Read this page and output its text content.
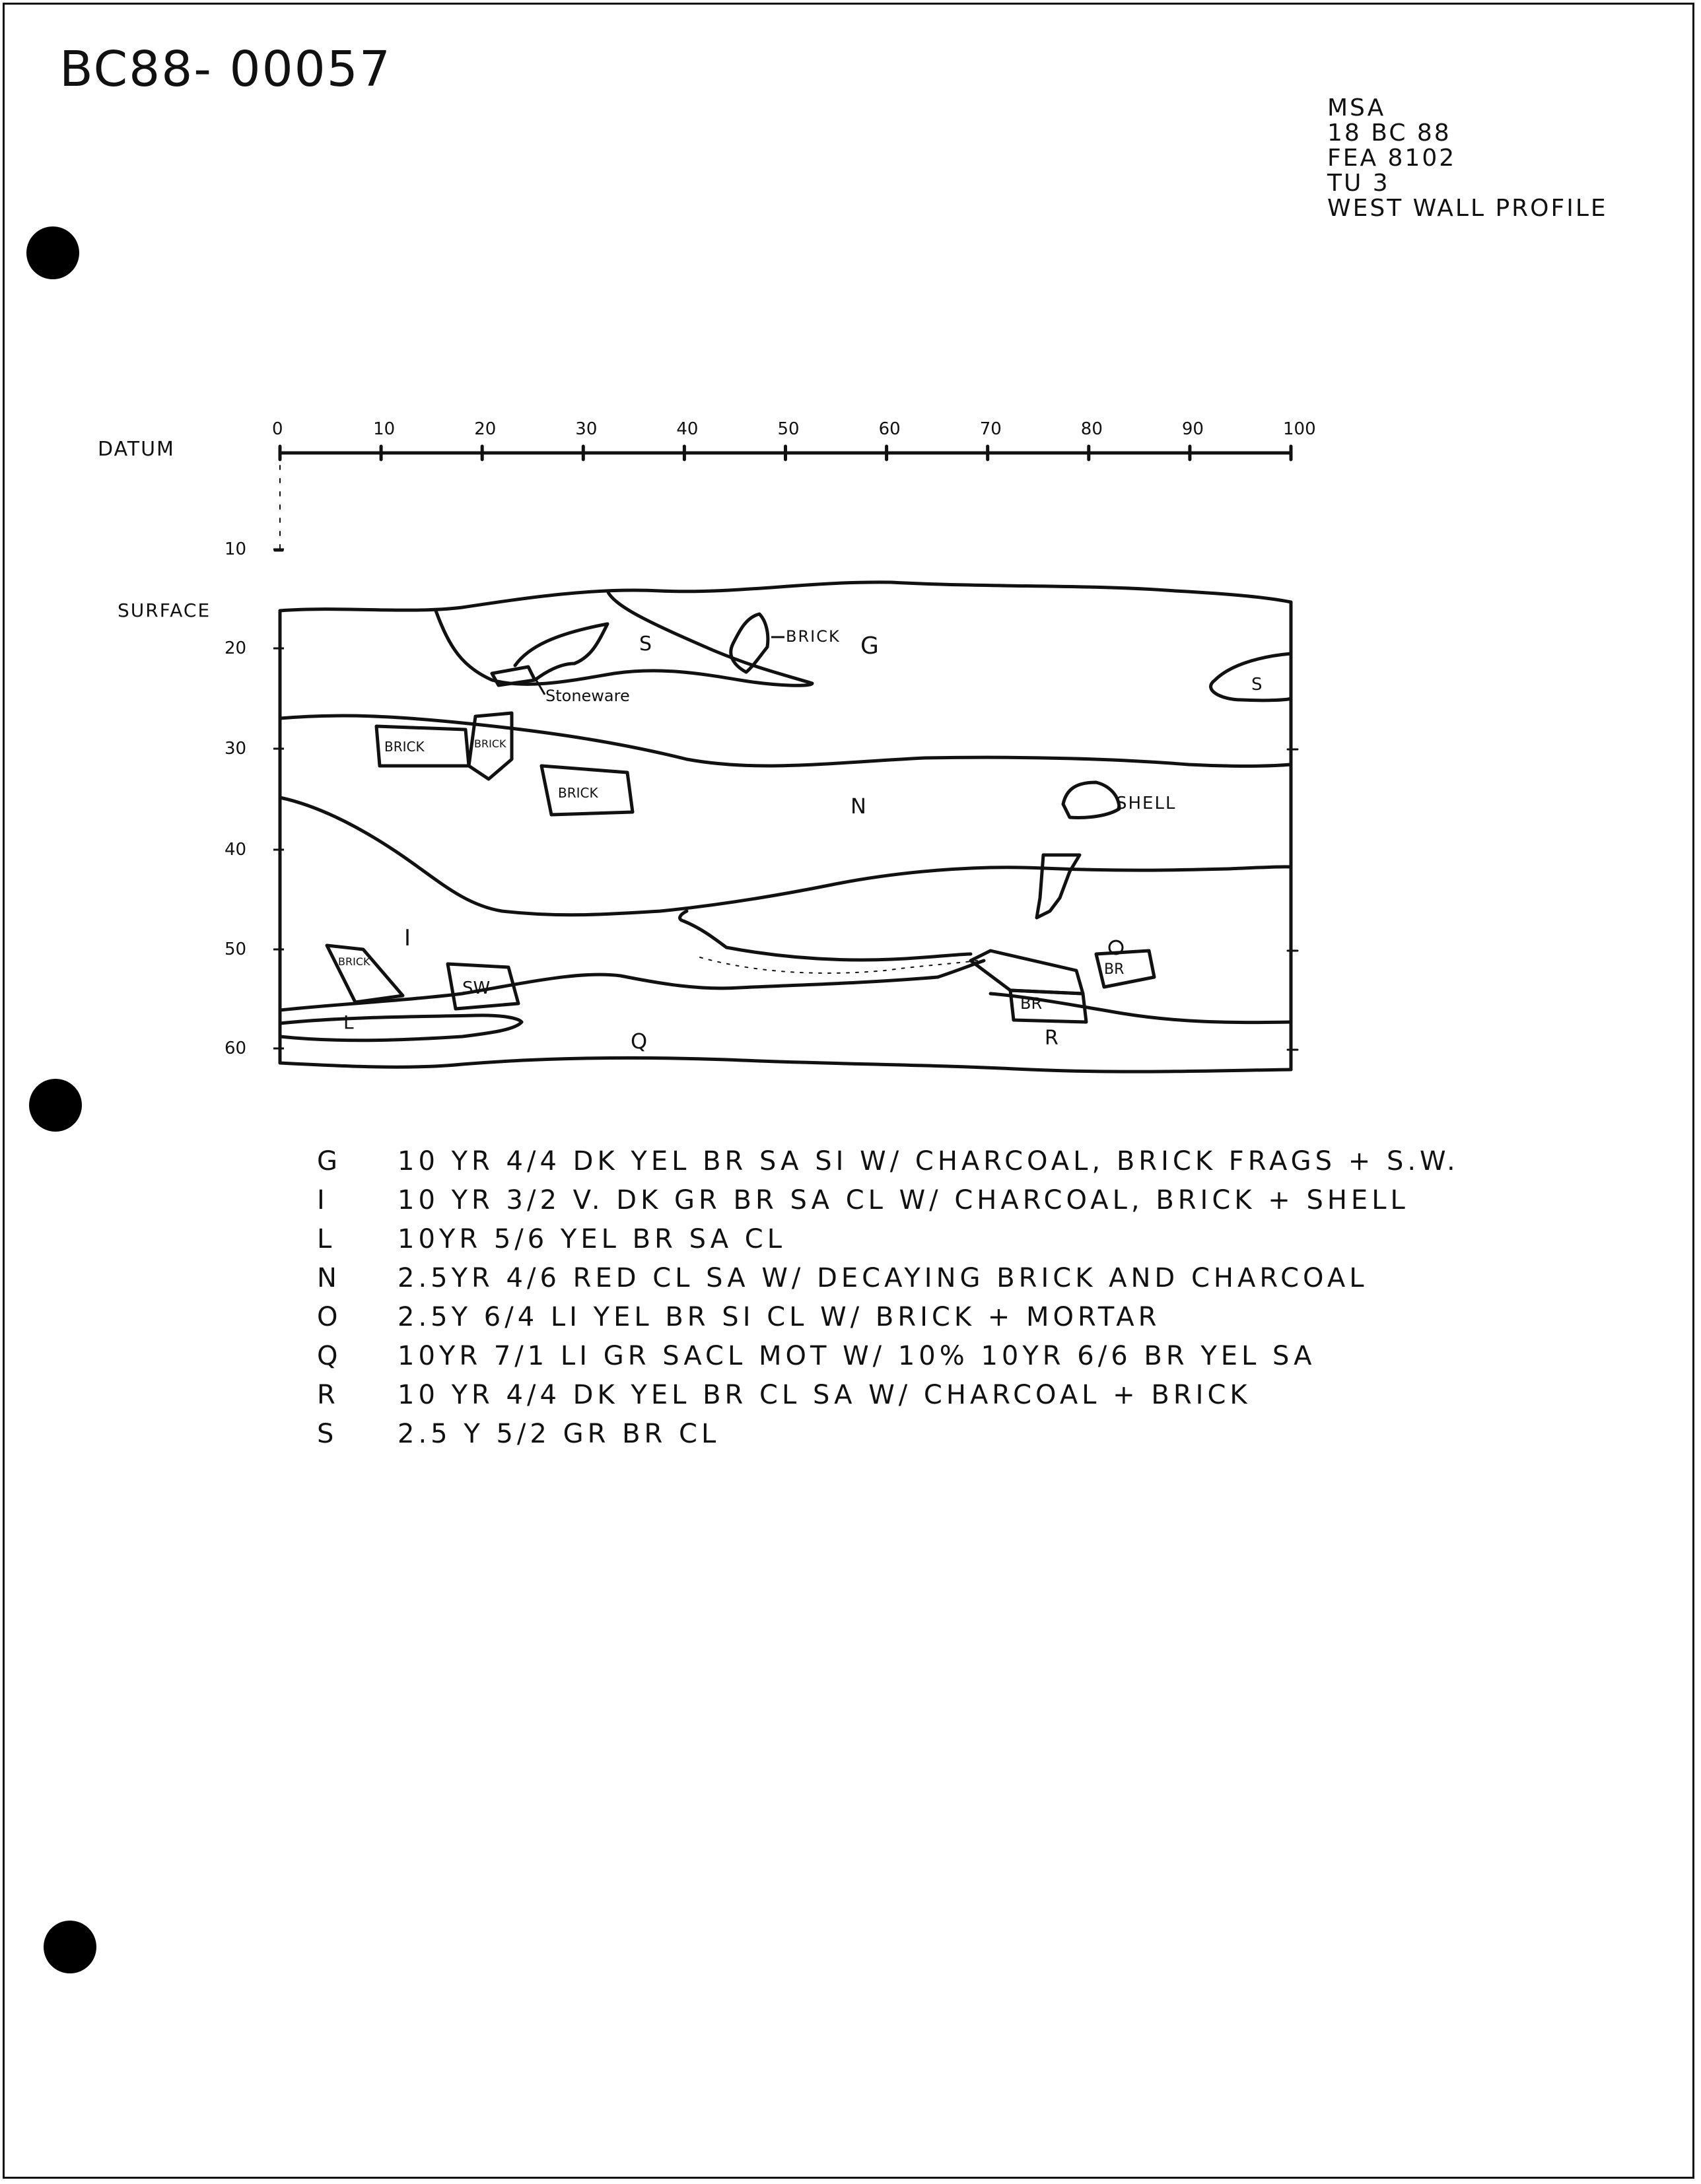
BC88- 00057
MSA
18 BC 88
FEA 8102
TU 3
WEST WALL PROFILE
0	10	20	30	40	50	60	70	80	90	100
10
20
30
40
50
60
DATUM
SURFACE
S	G
S
N
I
L
Q	R
BRICK
Stoneware
BRICK	BRICK
BRICK
SHELL
BRICK
SW
BR
BR
G	10 YR 4/4 DK YEL BR SA SI W/ CHARCOAL, BRICK FRAGS + S.W.
I	10 YR 3/2 V. DK GR BR SA CL W/ CHARCOAL, BRICK + SHELL
L	10YR 5/6 YEL BR SA CL
N	2.5YR 4/6 RED CL SA W/ DECAYING BRICK AND CHARCOAL
O	2.5Y 6/4 LI YEL BR SI CL W/ BRICK + MORTAR
Q	10YR 7/1 LI GR SACL MOT W/ 10% 10YR 6/6 BR YEL SA
R	10 YR 4/4 DK YEL BR CL SA W/ CHARCOAL + BRICK
S	2.5 Y 5/2 GR BR CL
